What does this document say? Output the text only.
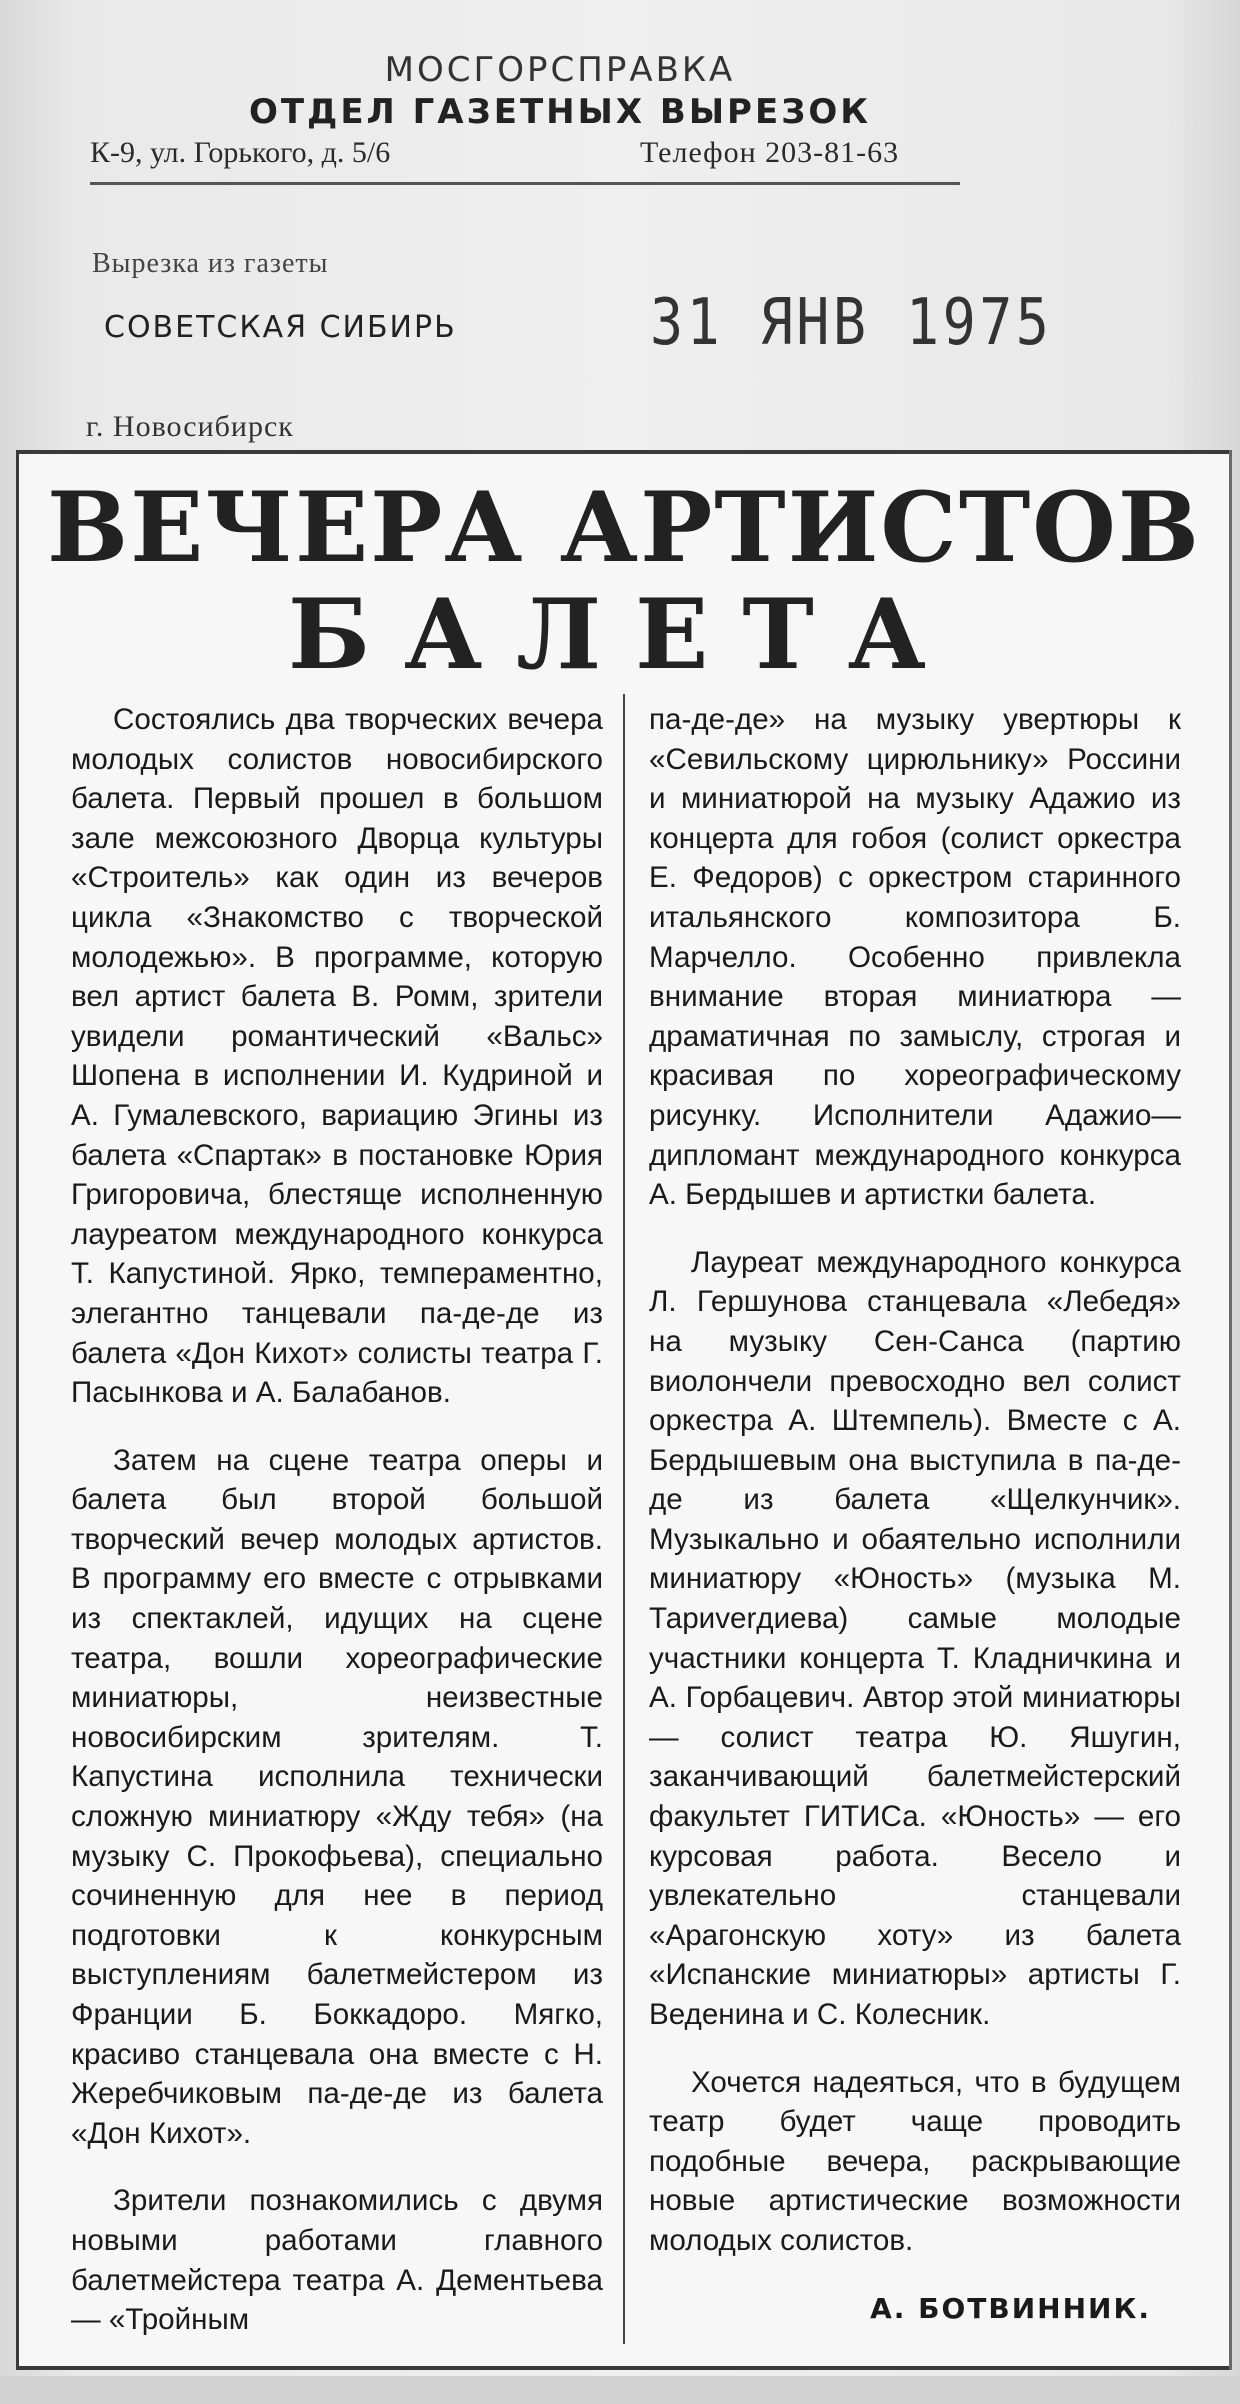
МОСГОРСПРАВКА
ОТДЕЛ ГАЗЕТНЫХ ВЫРЕЗОК
К-9, ул. Горького, д. 5/6	Телефон 203-81-63
Вырезка из газеты
СОВЕТСКАЯ СИБИРЬ	31 ЯНВ 1975
г. Новосибирск
ВЕЧЕРА АРТИСТОВ
БАЛЕТА

Состоялись два творческих вечера молодых солистов новосибирского балета. Первый прошел в большом зале межсоюзного Дворца культуры «Строитель» как один из вечеров цикла «Знакомство с творческой молодежью». В программе, которую вел артист балета В. Ромм, зрители увидели романтический «Вальс» Шопена в исполнении И. Кудриной и А. Гумалевского, вариацию Эгины из балета «Спартак» в постановке Юрия Григоровича, блестяще исполненную лауреатом международного конкурса Т. Капустиной. Ярко, темпераментно, элегантно танцевали па-де-де из балета «Дон Кихот» солисты театра Г. Пасынкова и А. Балабанов.

Затем на сцене театра оперы и балета был второй большой творческий вечер молодых артистов. В программу его вместе с отрывками из спектаклей, идущих на сцене театра, вошли хореографические миниатюры, неизвестные новосибирским зрителям. Т. Капустина исполнила технически сложную миниатюру «Жду тебя» (на музыку С. Прокофьева), специально сочиненную для нее в период подготовки к конкурсным выступлениям балетмейстером из Франции Б. Боккадоро. Мягко, красиво станцевала она вместе с Н. Жеребчиковым па-де-де из балета «Дон Кихот».

Зрители познакомились с двумя новыми работами главного балетмейстера театра А. Дементьева — «Тройным

па-де-де» на музыку увертюры к «Севильскому цирюльнику» Россини и миниатюрой на музыку Адажио из концерта для гобоя (солист оркестра Е. Федоров) с оркестром старинного итальянского композитора Б. Марчелло. Особенно привлекла внимание вторая миниатюра — драматичная по замыслу, строгая и красивая по хореографическому рисунку. Исполнители Адажио—дипломант международного конкурса А. Бердышев и артистки балета.

Лауреат международного конкурса Л. Гершунова станцевала «Лебедя» на музыку Сен-Санса (партию виолончели превосходно вел солист оркестра А. Штемпель). Вместе с А. Бердышевым она выступила в па-де-де из балета «Щелкунчик». Музыкально и обаятельно исполнили миниатюру «Юность» (музыка М. Тариverдиева) самые молодые участники концерта Т. Кладничкина и А. Горбацевич. Автор этой миниатюры — солист театра Ю. Яшугин, заканчивающий балетмейстерский факультет ГИТИСа. «Юность» — его курсовая работа. Весело и увлекательно станцевали «Арагонскую хоту» из балета «Испанские миниатюры» артисты Г. Веденина и С. Колесник.

Хочется надеяться, что в будущем театр будет чаще проводить подобные вечера, раскрывающие новые артистические возможности молодых солистов.

А. БОТВИННИК.
